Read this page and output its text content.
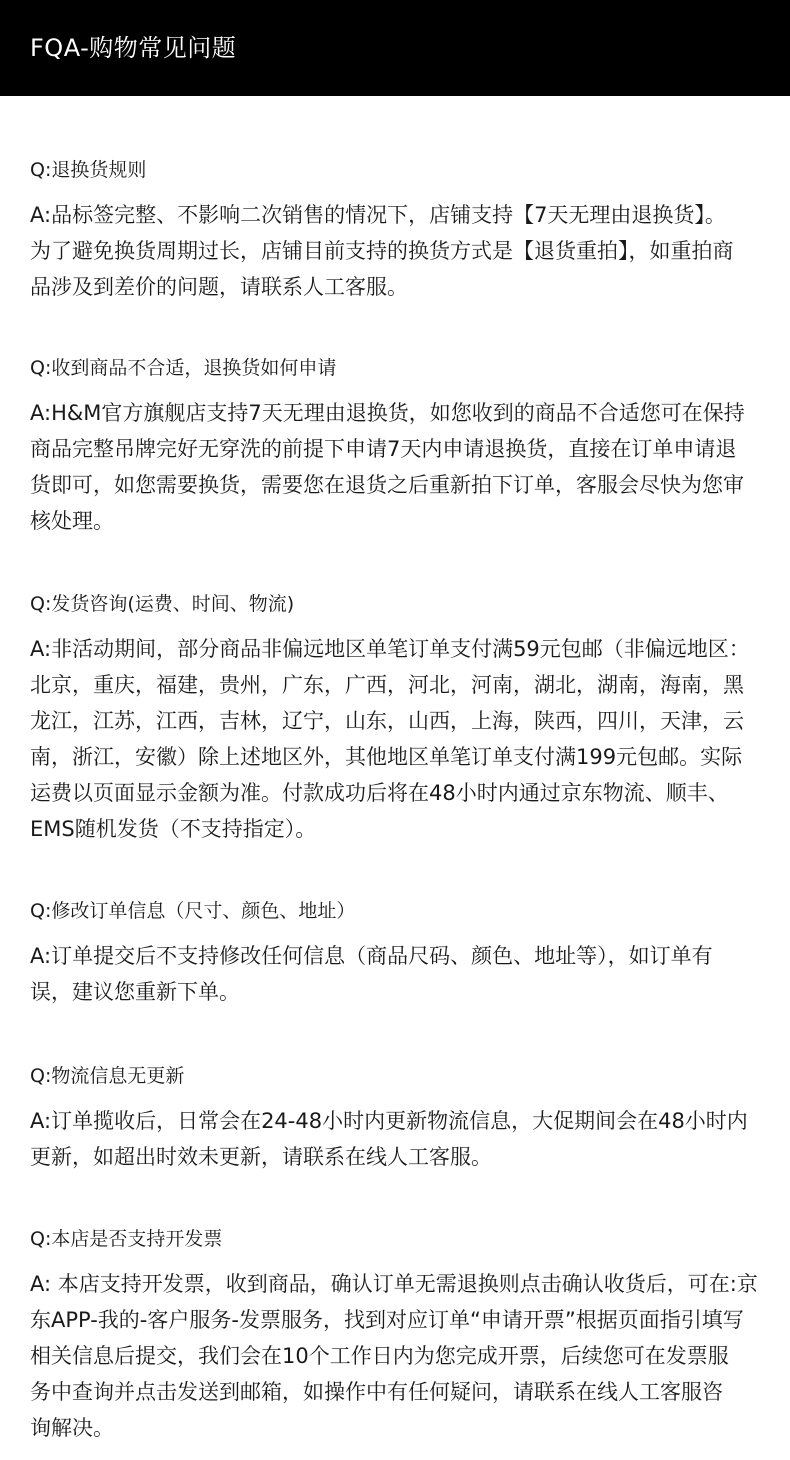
FQA-购物常见问题
Q:退换货规则
A:品标签完整、不影响二次销售的情况下，店铺支持【7天无理由退换货】。
为了避免换货周期过长，店铺目前支持的换货方式是【退货重拍】，如重拍商
品涉及到差价的问题，请联系人工客服。
Q:收到商品不合适，退换货如何申请
A:H&M官方旗舰店支持7天无理由退换货，如您收到的商品不合适您可在保持
商品完整吊牌完好无穿洗的前提下申请7天内申请退换货，直接在订单申请退
货即可，如您需要换货，需要您在退货之后重新拍下订单，客服会尽快为您审
核处理。
Q:发货咨询(运费、时间、物流)
A:非活动期间，部分商品非偏远地区单笔订单支付满59元包邮（非偏远地区：
北京，重庆，福建，贵州，广东，广西，河北，河南，湖北，湖南，海南，黑
龙江，江苏，江西，吉林，辽宁，山东，山西，上海，陕西，四川，天津，云
南，浙江，安徽）除上述地区外，其他地区单笔订单支付满199元包邮。实际
运费以页面显示金额为准。付款成功后将在48小时内通过京东物流、顺丰、
EMS随机发货（不支持指定）。
Q:修改订单信息（尺寸、颜色、地址）
A:订单提交后不支持修改任何信息（商品尺码、颜色、地址等），如订单有
误，建议您重新下单。
Q:物流信息无更新
A:订单揽收后，日常会在24-48小时内更新物流信息，大促期间会在48小时内
更新，如超出时效未更新，请联系在线人工客服。
Q:本店是否支持开发票
A: 本店支持开发票，收到商品，确认订单无需退换则点击确认收货后，可在:京
东APP-我的-客户服务-发票服务，找到对应订单“申请开票”根据页面指引填写
相关信息后提交，我们会在10个工作日内为您完成开票，后续您可在发票服
务中查询并点击发送到邮箱，如操作中有任何疑问，请联系在线人工客服咨
询解决。
